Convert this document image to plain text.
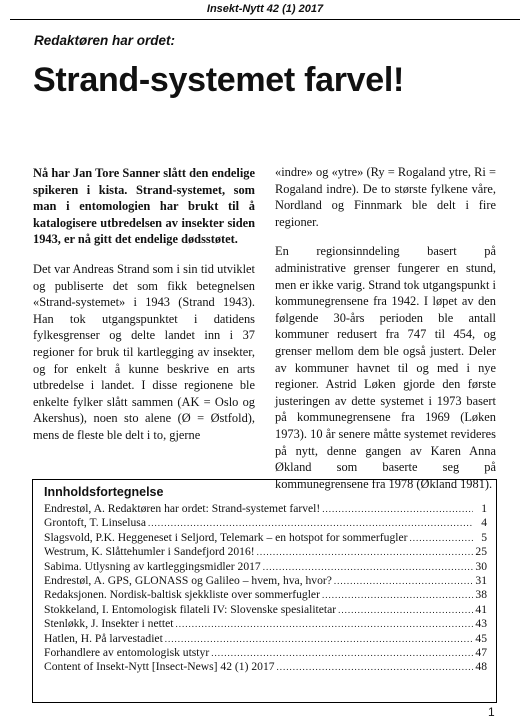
Insekt-Nytt 42 (1) 2017
Redaktøren har ordet:
Strand-systemet farvel!

Nå har Jan Tore Sanner slått den endelige spikeren i kista. Strand-systemet, som man i entomologien har brukt til å katalogisere utbredelsen av insekter siden 1943, er nå gitt det endelige dødsstøtet.

Det var Andreas Strand som i sin tid utviklet og publiserte det som fikk betegnelsen «Strand-systemet» i 1943 (Strand 1943). Han tok utgangspunktet i datidens fylkesgrenser og delte landet inn i 37 regioner for bruk til kartlegging av insekter, og for enkelt å kunne beskrive en arts utbredelse i landet. I disse regionene ble enkelte fylker slått sammen (AK = Oslo og Akershus), noen sto alene (Ø = Østfold), mens de fleste ble delt i to, gjerne

«indre» og «ytre» (Ry = Rogaland ytre, Ri = Rogaland indre). De to største fylkene våre, Nordland og Finnmark ble delt i fire regioner.

En regionsinndeling basert på administrative grenser fungerer en stund, men er ikke varig. Strand tok utgangspunkt i kommunegrensene fra 1942. I løpet av den følgende 30-års perioden ble antall kommuner redusert fra 747 til 454, og grenser mellom dem ble også justert. Deler av kommuner havnet til og med i nye regioner. Astrid Løken gjorde den første justeringen av dette systemet i 1973 basert på kommunegrensene fra 1969 (Løken 1973). 10 år senere måtte systemet revideres på nytt, denne gangen av Karen Anna Økland som baserte seg på kommunegrensene fra 1978 (Økland 1981).

Innholdsfortegnelse
Endrestøl, A. Redaktøren har ordet: Strand-systemet farvel! .....	1
Grontoft, T. Linselusa .....	4
Slagsvold, P.K. Heggeneset i Seljord, Telemark – en hotspot for sommerfugler .....	5
Westrum, K. Slåttehumler i Sandefjord 2016! .....	25
Sabima. Utlysning av kartleggingsmidler 2017 .....	30
Endrestøl, A. GPS, GLONASS og Galileo – hvem, hva, hvor? .....	31
Redaksjonen. Nordisk-baltisk sjekkliste over sommerfugler .....	38
Stokkeland, I. Entomologisk filateli IV: Slovenske spesialitetar .....	41
Stenløkk, J. Insekter i nettet .....	43
Hatlen, H. På larvestadiet .....	45
Forhandlere av entomologisk utstyr .....	47
Content of Insekt-Nytt [Insect-News] 42 (1) 2017 .....	48
1
